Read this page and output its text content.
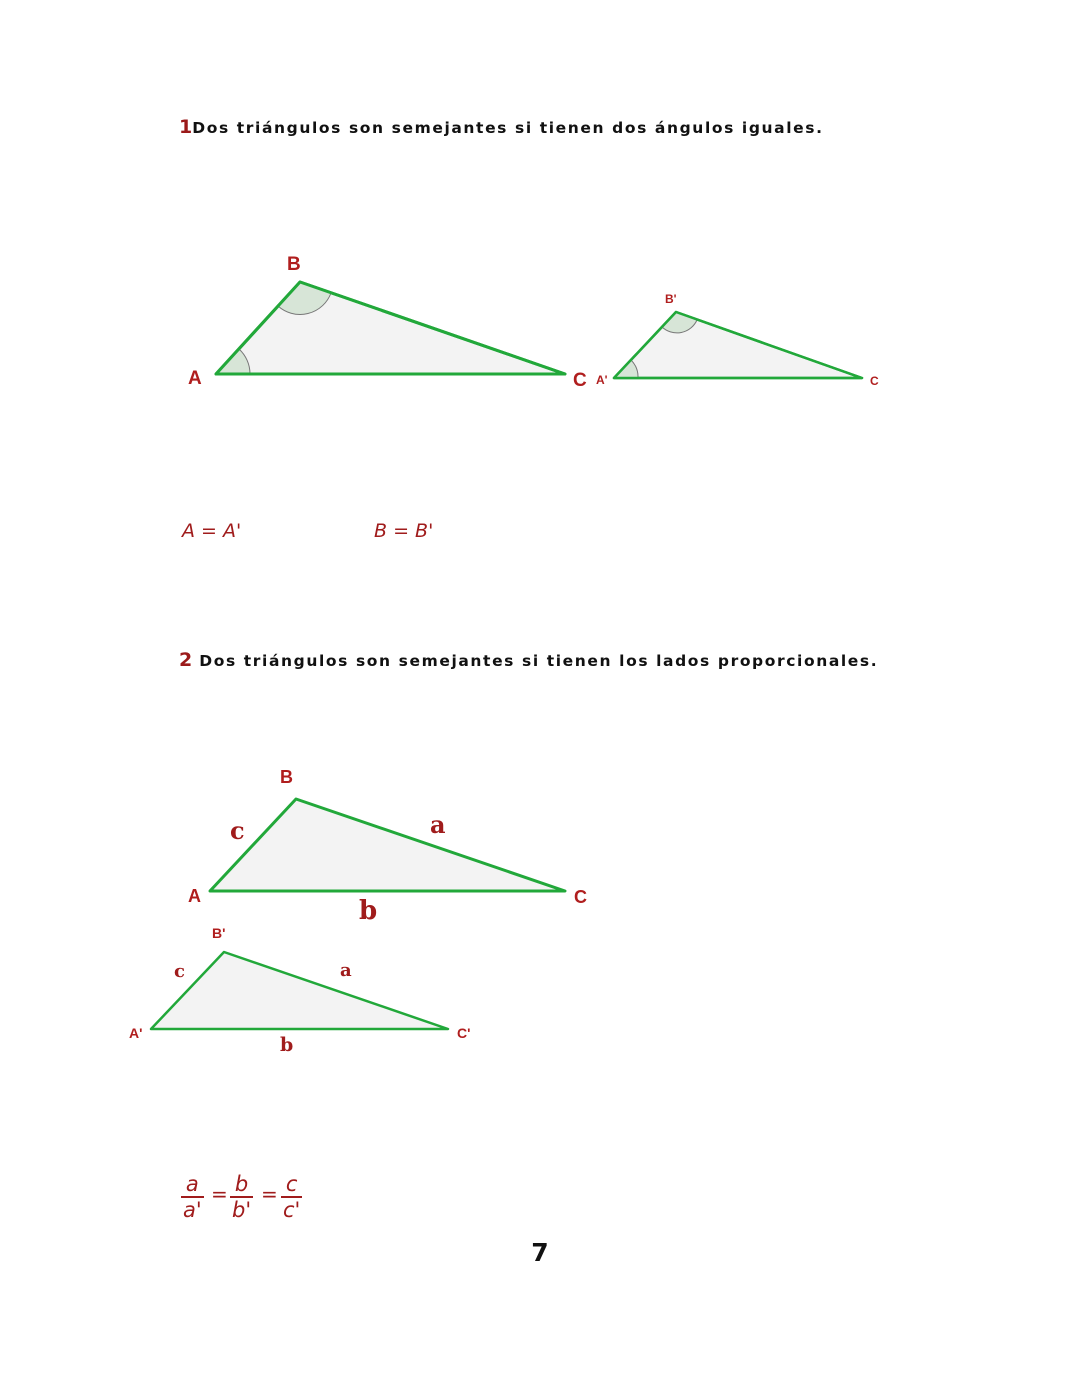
1Dos triángulos son semejantes si tienen dos ángulos iguales.
B
A	C
B'
A'	C
B
A	C
c	a
b
B'
A'	C'
c	a
b
A = A'	B = B'
2 Dos triángulos son semejantes si tienen los lados proporcionales.
$\frac{a}{a'} = \frac{b}{b'} = \frac{c}{c'}$
7
